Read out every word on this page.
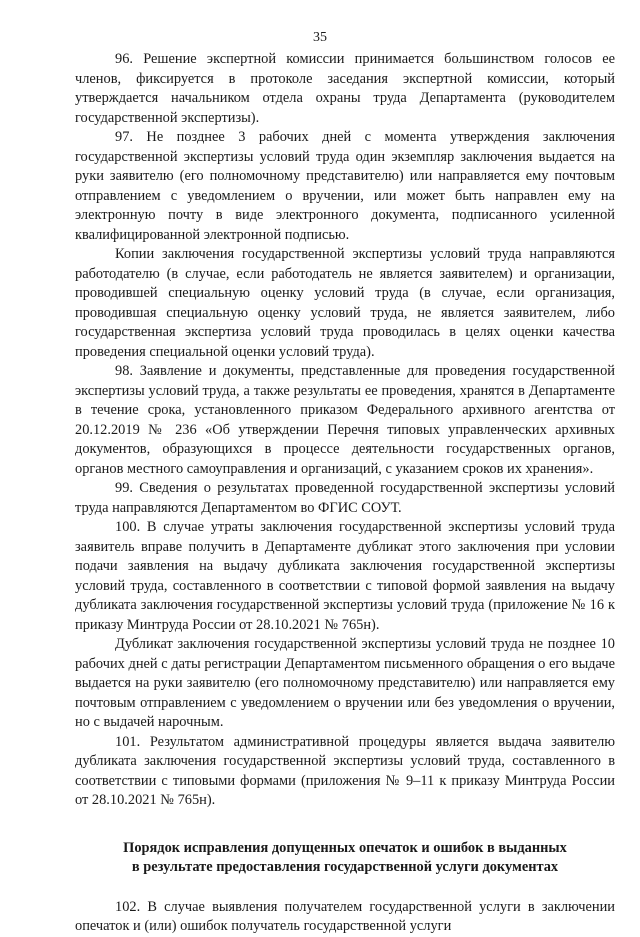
35

96. Решение экспертной комиссии принимается большинством голосов ее членов, фиксируется в протоколе заседания экспертной комиссии, который утверждается начальником отдела охраны труда Департамента (руководителем государственной экспертизы).

97. Не позднее 3 рабочих дней с момента утверждения заключения государственной экспертизы условий труда один экземпляр заключения выдается на руки заявителю (его полномочному представителю) или направляется ему почтовым отправлением с уведомлением о вручении, или может быть направлен ему на электронную почту в виде электронного документа, подписанного усиленной квалифицированной электронной подписью.

Копии заключения государственной экспертизы условий труда направляются работодателю (в случае, если работодатель не является заявителем) и организации, проводившей специальную оценку условий труда (в случае, если организация, проводившая специальную оценку условий труда, не является заявителем, либо государственная экспертиза условий труда проводилась в целях оценки качества проведения специальной оценки условий труда).

98. Заявление и документы, представленные для проведения государственной экспертизы условий труда, а также результаты ее проведения, хранятся в Департаменте в течение срока, установленного приказом Федерального архивного агентства от 20.12.2019 № 236 «Об утверждении Перечня типовых управленческих архивных документов, образующихся в процессе деятельности государственных органов, органов местного самоуправления и организаций, с указанием сроков их хранения».

99. Сведения о результатах проведенной государственной экспертизы условий труда направляются Департаментом во ФГИС СОУТ.

100. В случае утраты заключения государственной экспертизы условий труда заявитель вправе получить в Департаменте дубликат этого заключения при условии подачи заявления на выдачу дубликата заключения государственной экспертизы условий труда, составленного в соответствии с типовой формой заявления на выдачу дубликата заключения государственной экспертизы условий труда (приложение № 16 к приказу Минтруда России от 28.10.2021 № 765н).

Дубликат заключения государственной экспертизы условий труда не позднее 10 рабочих дней с даты регистрации Департаментом письменного обращения о его выдаче выдается на руки заявителю (его полномочному представителю) или направляется ему почтовым отправлением с уведомлением о вручении или без уведомления о вручении, но с выдачей нарочным.

101. Результатом административной процедуры является выдача заявителю дубликата заключения государственной экспертизы условий труда, составленного в соответствии с типовыми формами (приложения № 9–11 к приказу Минтруда России от 28.10.2021 № 765н).

Порядок исправления допущенных опечаток и ошибок в выданных
в результате предоставления государственной услуги документах

102. В случае выявления получателем государственной услуги в заключении опечаток и (или) ошибок получатель государственной услуги
